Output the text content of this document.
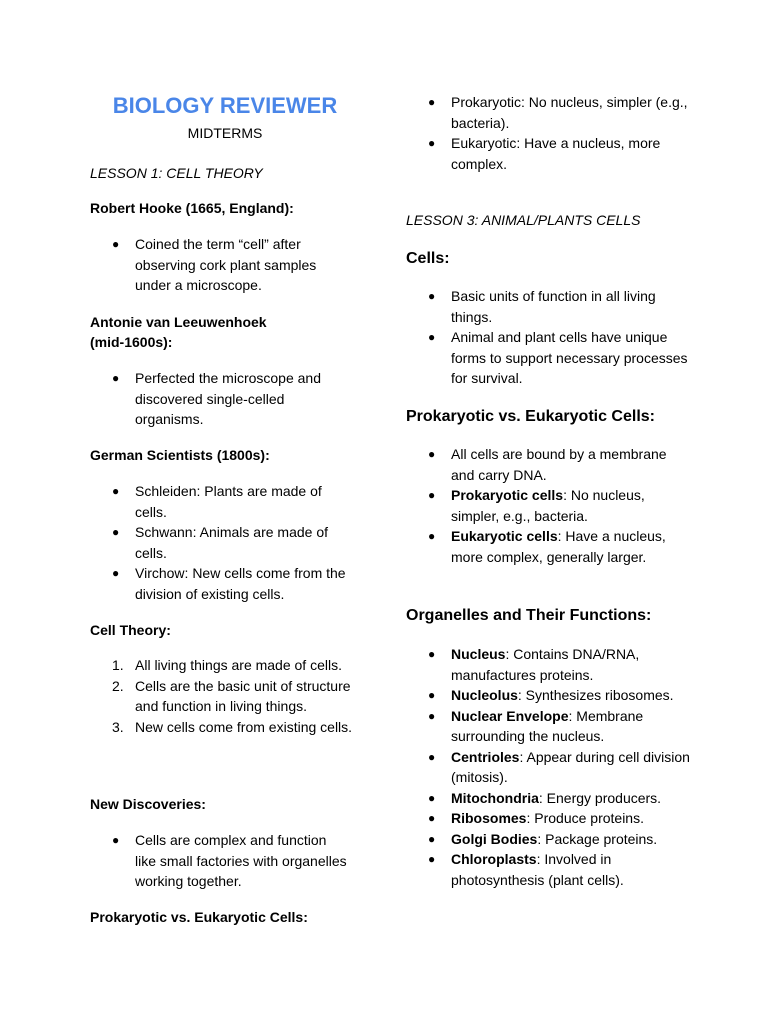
BIOLOGY REVIEWER
MIDTERMS
LESSON 1: CELL THEORY
Robert Hooke (1665, England):
● Coined the term “cell” after observing cork plant samples under a microscope.
Antonie van Leeuwenhoek
(mid-1600s):
● Perfected the microscope and discovered single-celled organisms.
German Scientists (1800s):
● Schleiden: Plants are made of cells.
● Schwann: Animals are made of cells.
● Virchow: New cells come from the division of existing cells.
Cell Theory:
1. All living things are made of cells.
2. Cells are the basic unit of structure and function in living things.
3. New cells come from existing cells.
New Discoveries:
● Cells are complex and function like small factories with organelles working together.
Prokaryotic vs. Eukaryotic Cells:
● Prokaryotic: No nucleus, simpler (e.g., bacteria).
● Eukaryotic: Have a nucleus, more complex.
LESSON 3: ANIMAL/PLANTS CELLS
Cells:
● Basic units of function in all living things.
● Animal and plant cells have unique forms to support necessary processes for survival.
Prokaryotic vs. Eukaryotic Cells:
● All cells are bound by a membrane and carry DNA.
● Prokaryotic cells: No nucleus, simpler, e.g., bacteria.
● Eukaryotic cells: Have a nucleus, more complex, generally larger.
Organelles and Their Functions:
● Nucleus: Contains DNA/RNA, manufactures proteins.
● Nucleolus: Synthesizes ribosomes.
● Nuclear Envelope: Membrane surrounding the nucleus.
● Centrioles: Appear during cell division (mitosis).
● Mitochondria: Energy producers.
● Ribosomes: Produce proteins.
● Golgi Bodies: Package proteins.
● Chloroplasts: Involved in photosynthesis (plant cells).
